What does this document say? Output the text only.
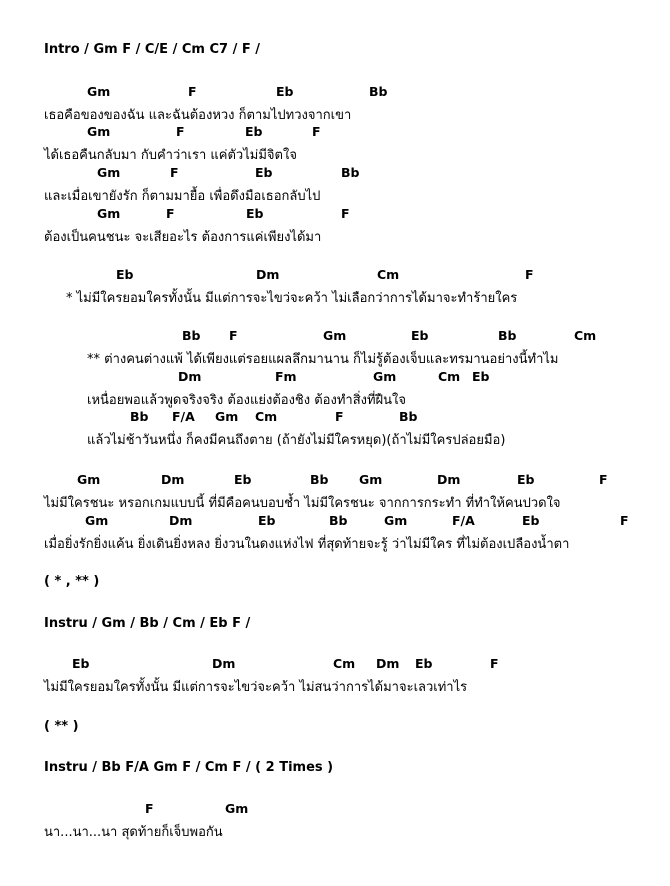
Intro / Gm F / C/E / Cm C7 / F /
Gm	F	Eb	Bb
เธอคือของของฉัน และฉันต้องหวง ก็ตามไปทวงจากเขา
Gm	F	Eb	F
ได้เธอคืนกลับมา กับคำว่าเรา แค่ตัวไม่มีจิตใจ
Gm	F	Eb	Bb
และเมื่อเขายังรัก ก็ตามมายื้อ เพื่อดึงมือเธอกลับไป
Gm	F	Eb	F
ต้องเป็นคนชนะ จะเสียอะไร ต้องการแค่เพียงได้มา
Eb	Dm	Cm	F
* ไม่มีใครยอมใครทั้งนั้น มีแต่การจะไขว่จะคว้า ไม่เลือกว่าการได้มาจะทำร้ายใคร
Bb F	Gm	Eb	Bb	Cm
** ต่างคนต่างแพ้ ได้เพียงแต่รอยแผลลึกมานาน ก็ไม่รู้ต้องเจ็บและทรมานอย่างนี้ทำไม
Dm	Fm	Gm	Cm Eb
เหนื่อยพอแล้วพูดจริงจริง ต้องแย่งต้องชิง ต้องทำสิ่งที่ฝืนใจ
Bb F/A Gm Cm	F	Bb
แล้วไม่ช้าวันหนึ่ง ก็คงมีคนถึงตาย (ถ้ายังไม่มีใครหยุด)(ถ้าไม่มีใครปล่อยมือ)
Gm	Dm	Eb	Bb Gm	Dm	Eb	F
ไม่มีใครชนะ หรอกเกมแบบนี้ ที่มีคือคนบอบช้ำ ไม่มีใครชนะ จากการกระทำ ที่ทำให้คนปวดใจ
Gm	Dm	Eb	Bb	Gm	F/A	Eb	F
เมื่อยิ่งรักยิ่งแค้น ยิ่งเดินยิ่งหลง ยิ่งวนในดงแห่งไฟ ที่สุดท้ายจะรู้ ว่าไม่มีใคร ที่ไม่ต้องเปลืองน้ำตา
( * , ** )
Instru / Gm / Bb / Cm / Eb F /
Eb	Dm	Cm Dm Eb	F
ไม่มีใครยอมใครทั้งนั้น มีแต่การจะไขว่จะคว้า ไม่สนว่าการได้มาจะเลวเท่าไร
( ** )
Instru / Bb F/A Gm F / Cm F / ( 2 Times )
F	Gm
นา...นา...นา สุดท้ายก็เจ็บพอกัน
